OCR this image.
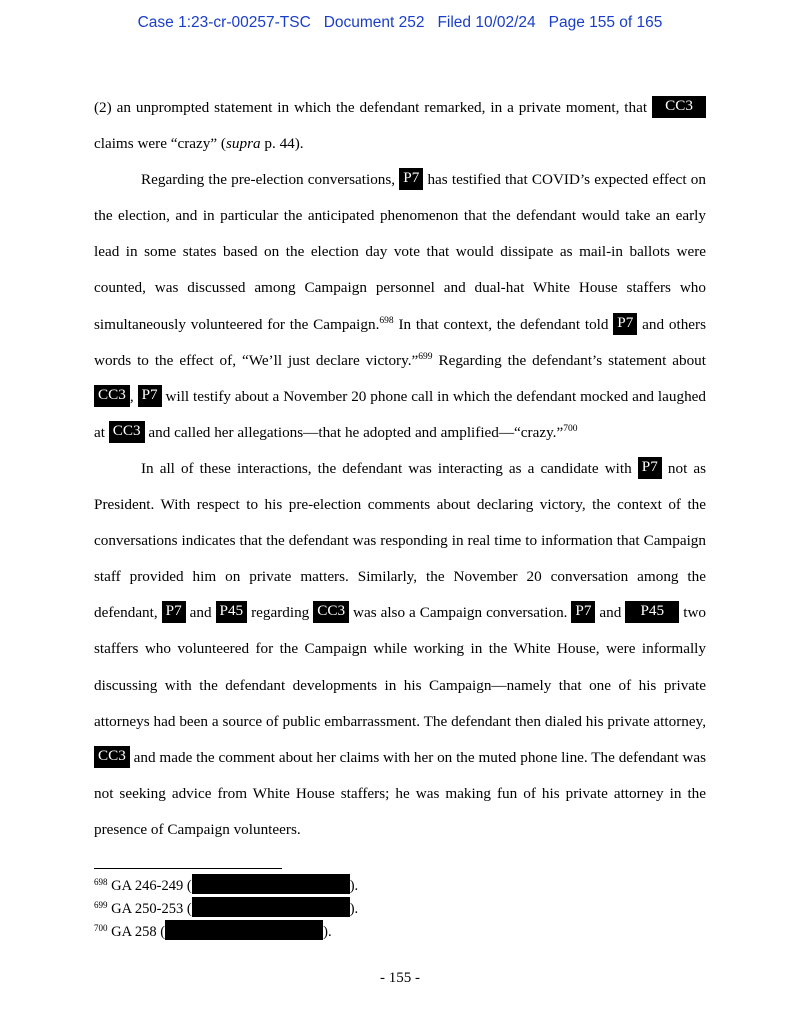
Case 1:23-cr-00257-TSC Document 252 Filed 10/02/24 Page 155 of 165

(2) an unprompted statement in which the defendant remarked, in a private moment, that CC3 claims were “crazy” (supra p. 44).

Regarding the pre-election conversations, P7 has testified that COVID’s expected effect on the election, and in particular the anticipated phenomenon that the defendant would take an early lead in some states based on the election day vote that would dissipate as mail-in ballots were counted, was discussed among Campaign personnel and dual-hat White House staffers who simultaneously volunteered for the Campaign.$^{698}$ In that context, the defendant told P7 and others words to the effect of, “We’ll just declare victory.”$^{699}$ Regarding the defendant’s statement about CC3 , P7 will testify about a November 20 phone call in which the defendant mocked and laughed at CC3 and called her allegations—that he adopted and amplified—“crazy.”$^{700}$

In all of these interactions, the defendant was interacting as a candidate with P7 not as President. With respect to his pre-election comments about declaring victory, the context of the conversations indicates that the defendant was responding in real time to information that Campaign staff provided him on private matters. Similarly, the November 20 conversation among the defendant, P7 and P45 regarding CC3 was also a Campaign conversation. P7 and P45 two staffers who volunteered for the Campaign while working in the White House, were informally discussing with the defendant developments in his Campaign—namely that one of his private attorneys had been a source of public embarrassment. The defendant then dialed his private attorney, CC3 and made the comment about her claims with her on the muted phone line. The defendant was not seeking advice from White House staffers; he was making fun of his private attorney in the presence of Campaign volunteers.

$^{698}$ GA 246-249 (	).
$^{699}$ GA 250-253 (	).
$^{700}$ GA 258 (	).
- 155 -
